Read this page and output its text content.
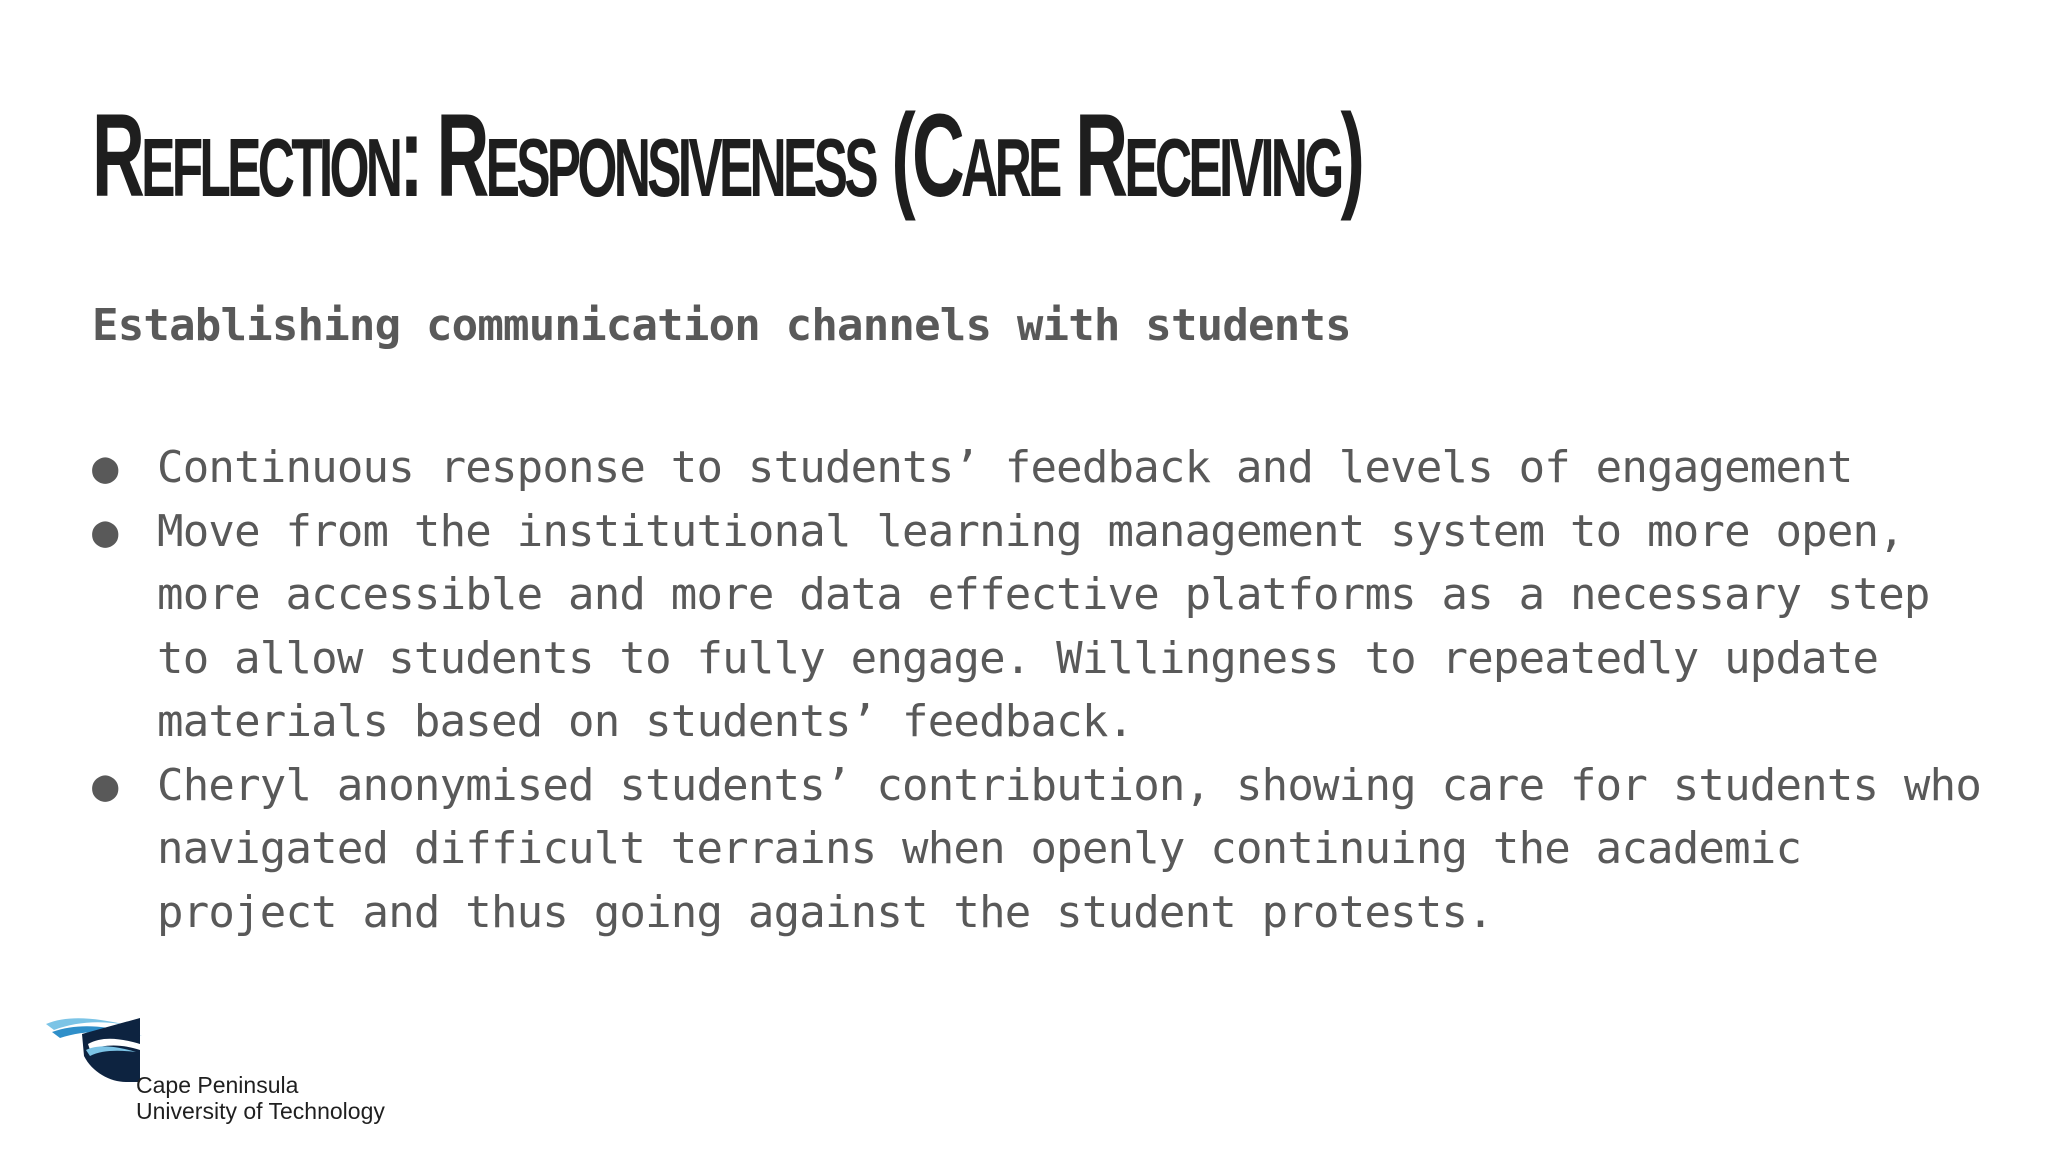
Reflection: Responsiveness (Care Receiving)

Establishing communication channels with students

● Continuous response to students’ feedback and levels of engagement
● Move from the institutional learning management system to more open, more accessible and more data effective platforms as a necessary step to allow students to fully engage. Willingness to repeatedly update materials based on students’ feedback.
● Cheryl anonymised students’ contribution, showing care for students who navigated difficult terrains when openly continuing the academic project and thus going against the student protests.
Cape Peninsula
University of Technology
